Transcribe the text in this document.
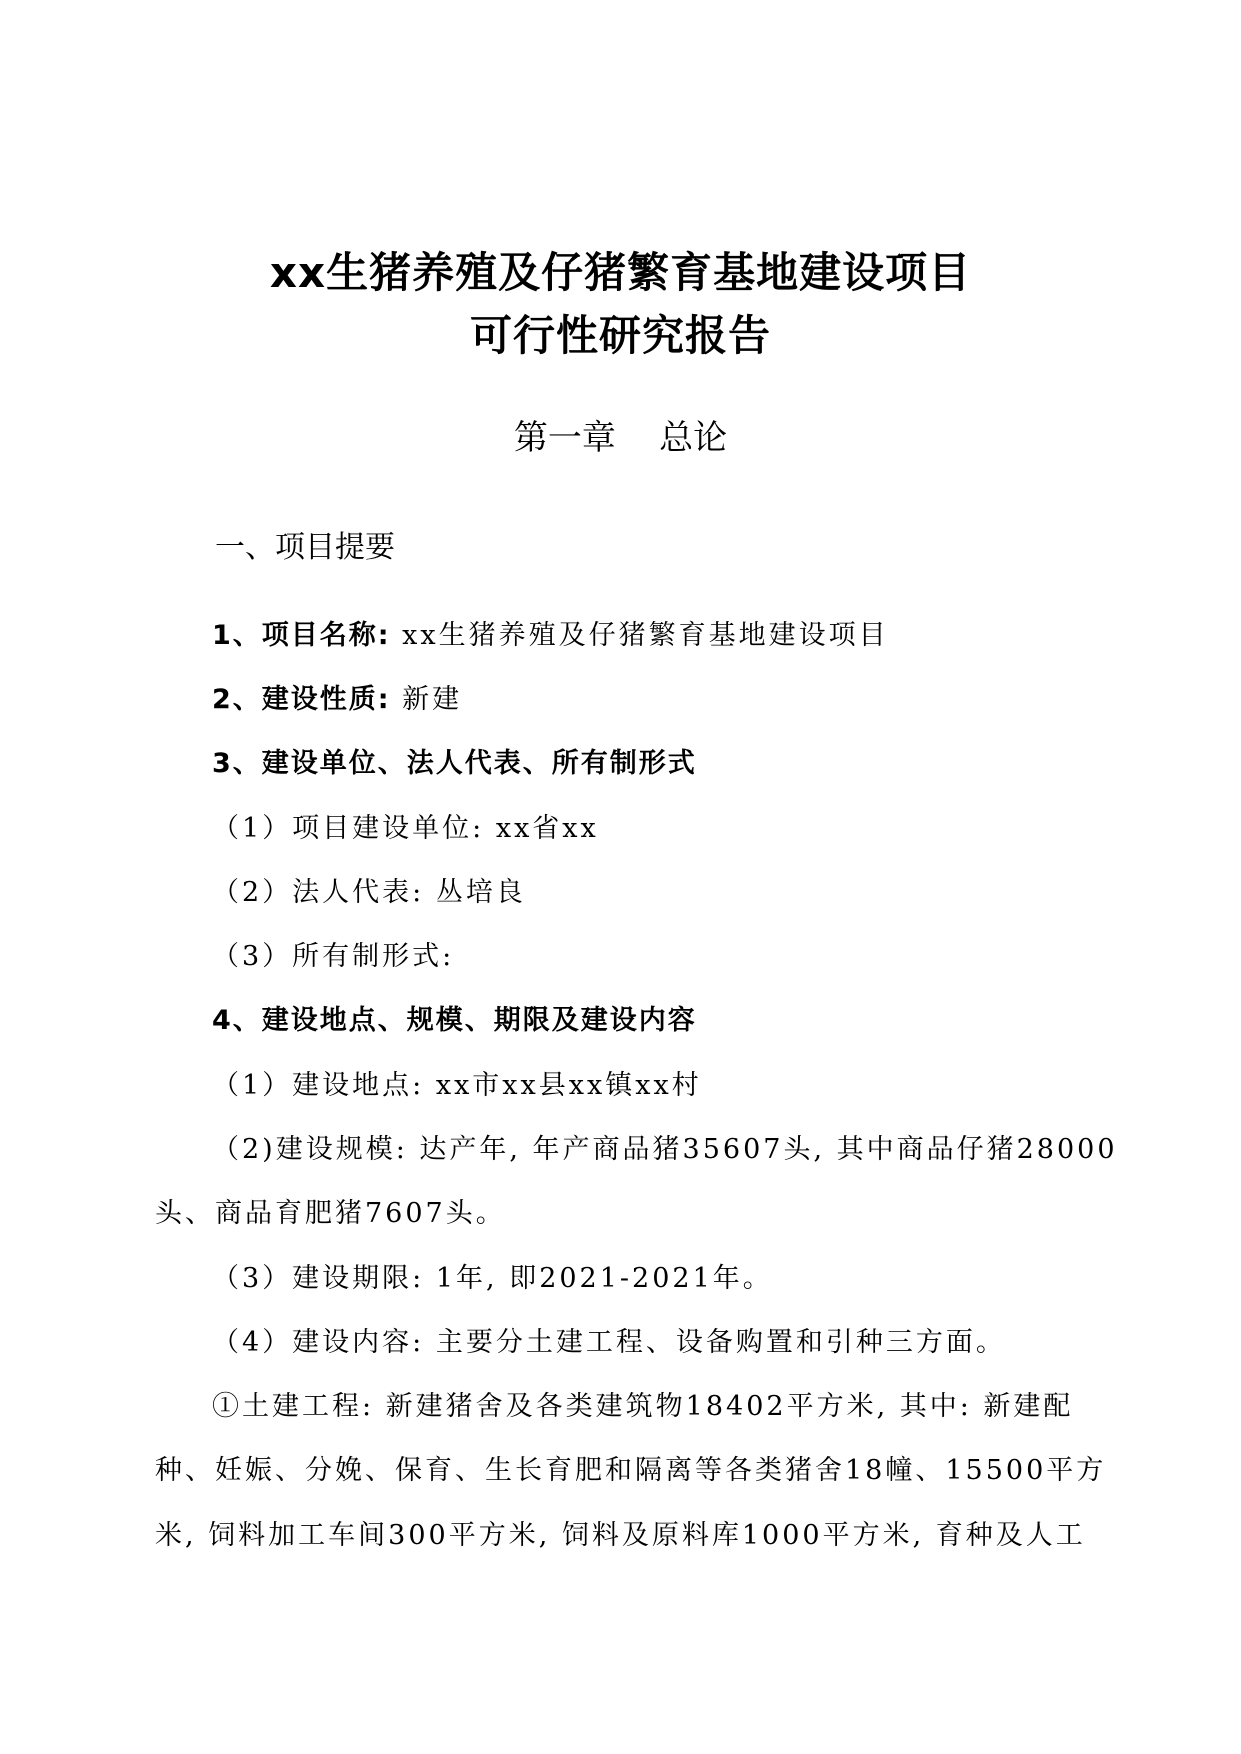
xx生猪养殖及仔猪繁育基地建设项目
可行性研究报告
第一章    总论
一、项目提要
1、项目名称: xx生猪养殖及仔猪繁育基地建设项目
2、建设性质: 新建
3、建设单位、法人代表、所有制形式
（1）项目建设单位: xx省xx
（2）法人代表: 丛培良
（3）所有制形式:
4、建设地点、规模、期限及建设内容
（1）建设地点: xx市xx县xx镇xx村
（2)建设规模: 达产年, 年产商品猪35607头, 其中商品仔猪28000
头、商品育肥猪7607头。
（3）建设期限: 1年, 即2021-2021年。
（4）建设内容: 主要分土建工程、设备购置和引种三方面。
①土建工程: 新建猪舍及各类建筑物18402平方米, 其中: 新建配
种、妊娠、分娩、保育、生长育肥和隔离等各类猪舍18幢、15500平方
米, 饲料加工车间300平方米, 饲料及原料库1000平方米, 育种及人工
